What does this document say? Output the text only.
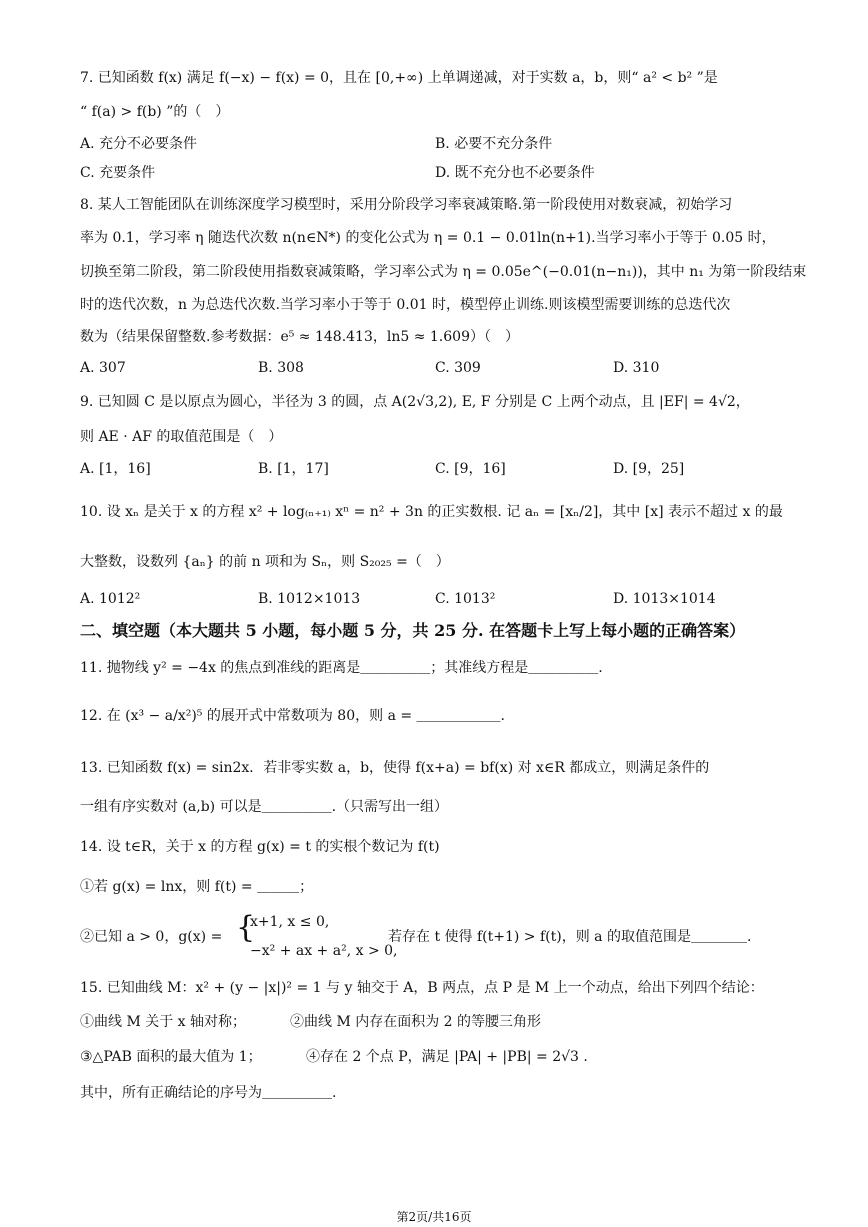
7. 已知函数 f(x) 满足 f(−x) − f(x) = 0，且在 [0,+∞) 上单调递减，对于实数 a，b，则“ a² < b² ”是
“ f(a) > f(b) ”的（　）
A. 充分不必要条件	B. 必要不充分条件
C. 充要条件	D. 既不充分也不必要条件
8. 某人工智能团队在训练深度学习模型时，采用分阶段学习率衰减策略.第一阶段使用对数衰减，初始学习
率为 0.1，学习率 η 随迭代次数 n(n∈N*) 的变化公式为 η = 0.1 − 0.01ln(n+1).当学习率小于等于 0.05 时，
切换至第二阶段，第二阶段使用指数衰减策略，学习率公式为 η = 0.05e^(−0.01(n−n₁))，其中 n₁ 为第一阶段结束
时的迭代次数，n 为总迭代次数.当学习率小于等于 0.01 时，模型停止训练.则该模型需要训练的总迭代次
数为（结果保留整数.参考数据：e⁵ ≈ 148.413，ln5 ≈ 1.609）（　）
A. 307	B. 308	C. 309	D. 310
9. 已知圆 C 是以原点为圆心，半径为 3 的圆，点 A(2√3,2), E, F 分别是 C 上两个动点，且 |EF| = 4√2，
则 AE · AF 的取值范围是（　）
A. [1，16]	B. [1，17]	C. [9，16]	D. [9，25]
10. 设 xₙ 是关于 x 的方程 x² + log₍ₙ₊₁₎ xⁿ = n² + 3n 的正实数根. 记 aₙ = [xₙ/2]，其中 [x] 表示不超过 x 的最
大整数，设数列 {aₙ} 的前 n 项和为 Sₙ，则 S₂₀₂₅ =（　）
A. 1012²	B. 1012×1013	C. 1013²	D. 1013×1014
二、填空题（本大题共 5 小题，每小题 5 分，共 25 分. 在答题卡上写上每小题的正确答案）
11. 抛物线 y² = −4x 的焦点到准线的距离是＿＿＿＿＿；其准线方程是＿＿＿＿＿.
12. 在 (x³ − a/x²)⁵ 的展开式中常数项为 80，则 a = ＿＿＿＿＿＿.
13. 已知函数 f(x) = sin2x．若非零实数 a，b，使得 f(x+a) = bf(x) 对 x∈R 都成立，则满足条件的
一组有序实数对 (a,b) 可以是＿＿＿＿＿.（只需写出一组）
14. 设 t∈R，关于 x 的方程 g(x) = t 的实根个数记为 f(t)
①若 g(x) = lnx，则 f(t) = ＿＿＿；
②已知 a > 0，g(x) = {
x+1, x ≤ 0,
−x² + ax + a², x > 0,
若存在 t 使得 f(t+1) > f(t)，则 a 的取值范围是＿＿＿＿.
15. 已知曲线 M：x² + (y − |x|)² = 1 与 y 轴交于 A，B 两点，点 P 是 M 上一个动点，给出下列四个结论：
①曲线 M 关于 x 轴对称；	②曲线 M 内存在面积为 2 的等腰三角形
③△PAB 面积的最大值为 1；	④存在 2 个点 P，满足 |PA| + |PB| = 2√3 .
其中，所有正确结论的序号为＿＿＿＿＿.
第2页/共16页
